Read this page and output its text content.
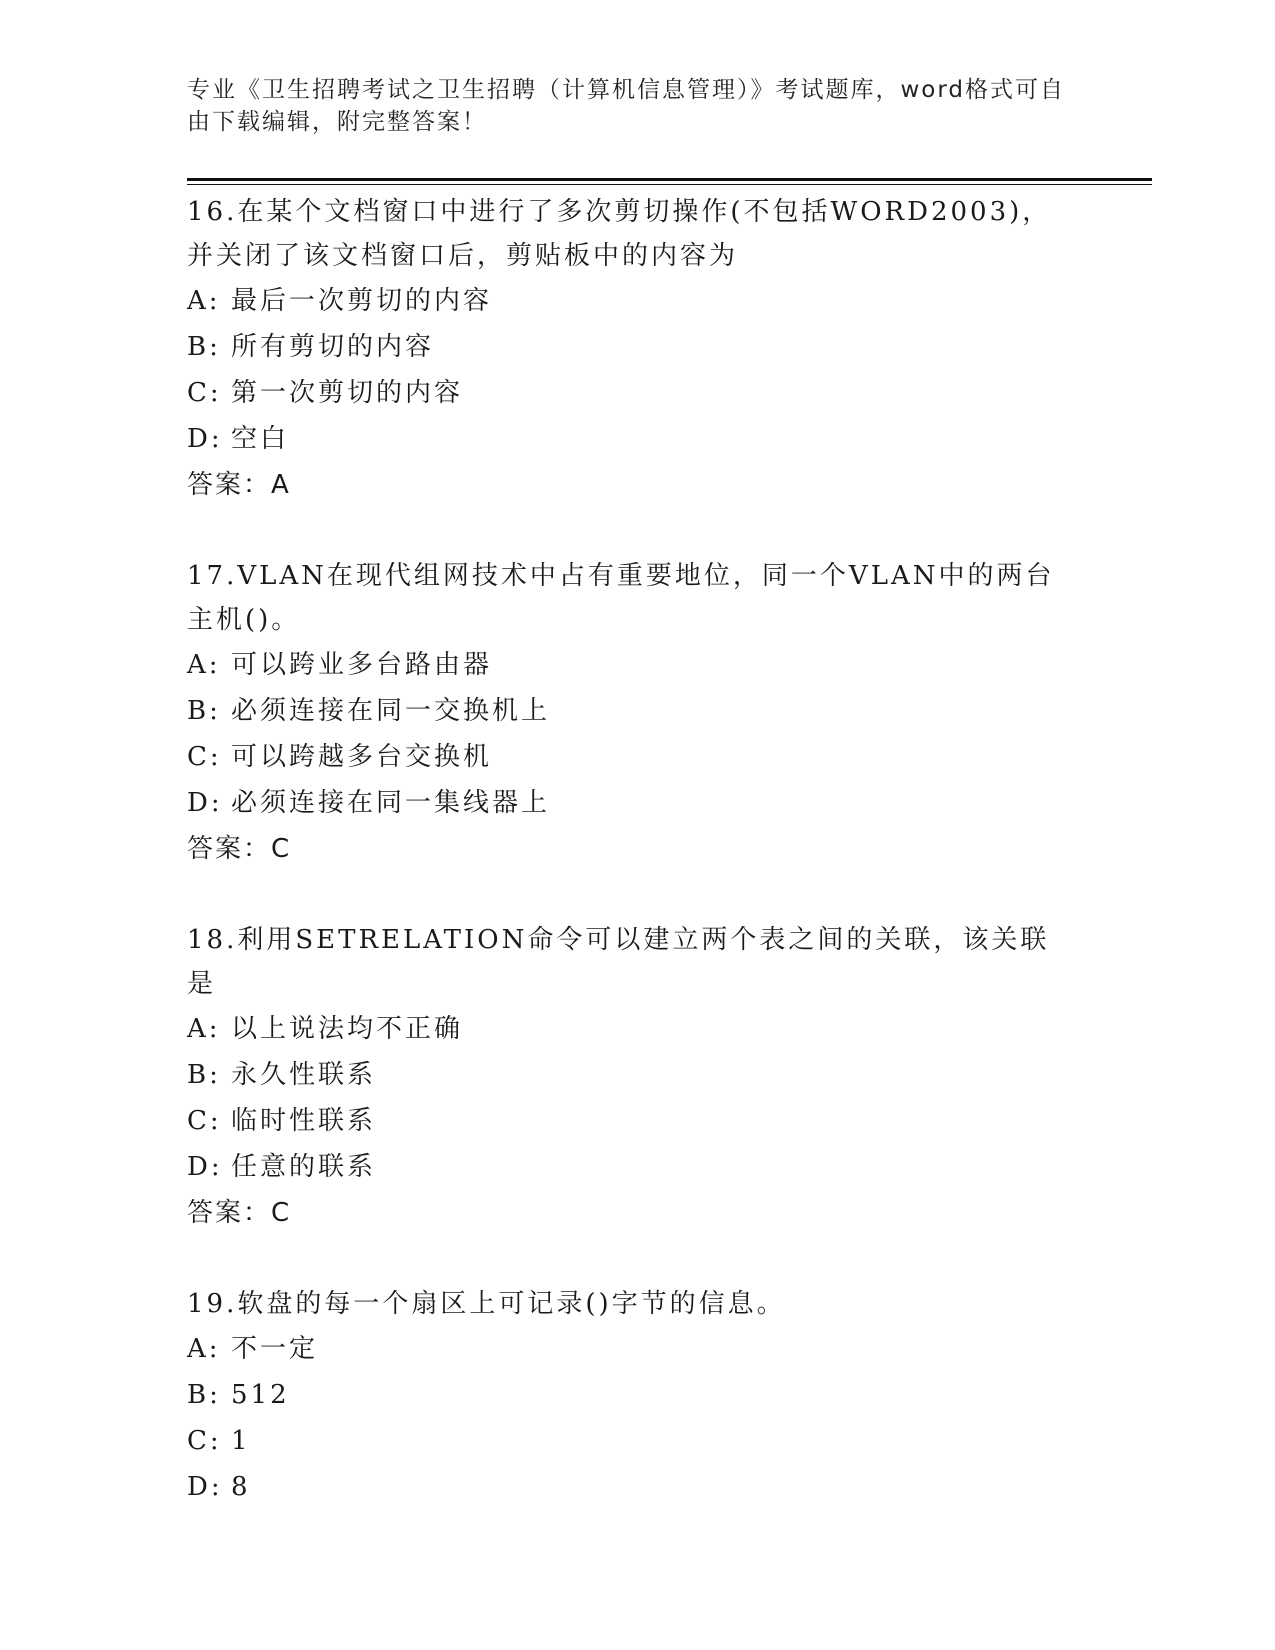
专业《卫生招聘考试之卫生招聘（计算机信息管理）》考试题库，word格式可自由下载编辑，附完整答案！
16.在某个文档窗口中进行了多次剪切操作(不包括WORD2003)，并关闭了该文档窗口后，剪贴板中的内容为
A: 最后一次剪切的内容
B: 所有剪切的内容
C: 第一次剪切的内容
D: 空白
答案：A
17.VLAN在现代组网技术中占有重要地位，同一个VLAN中的两台主机()。
A: 可以跨业多台路由器
B: 必须连接在同一交换机上
C: 可以跨越多台交换机
D: 必须连接在同一集线器上
答案：C
18.利用SETRELATION命令可以建立两个表之间的关联，该关联是
A: 以上说法均不正确
B: 永久性联系
C: 临时性联系
D: 任意的联系
答案：C
19.软盘的每一个扇区上可记录()字节的信息。
A: 不一定
B: 512
C: 1
D: 8
